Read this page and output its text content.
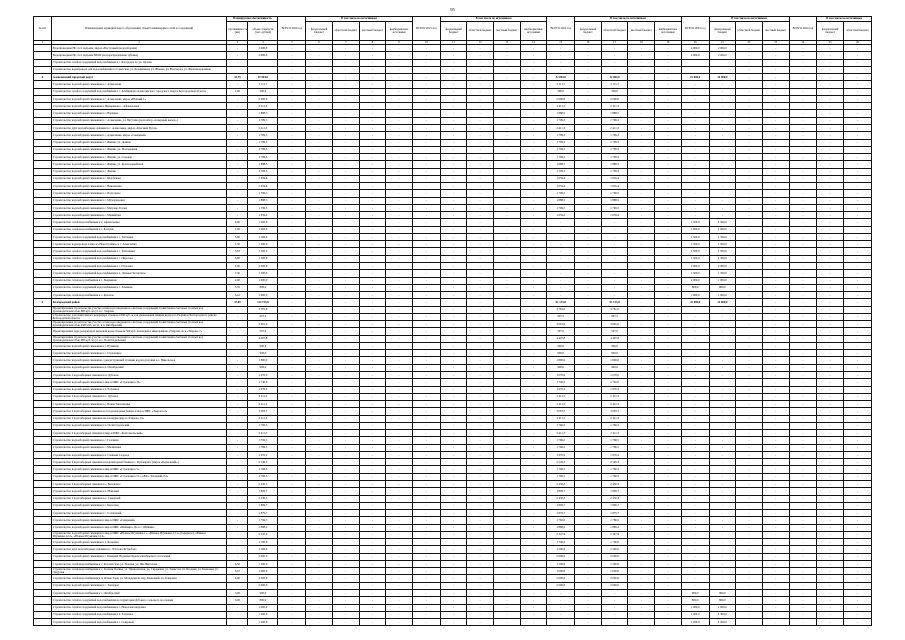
95
№ п/п	Наименование муниципального образования, объекта инженерных сетей и сооружений	Планируемая обеспеченность		ВСЕГО 2020 год	В том числе по источникам				ВСЕГО 2021 год	В том числе по источникам				ВСЕГО 2022 год	В том числе по источникам				ВСЕГО 2023 год	В том числе по источникам			ВСЕГО 2024 год	В том числе по источникам	
		протяжённость (км)	объем стоимости (тыс. рублей)		федеральный бюджет	областной бюджет	местный бюджет	внебюджетные источники		федеральный бюджет	областной бюджет	местный бюджет	внебюджетные источники		федеральный бюджет	областной бюджет	местный бюджет	внебюджетные источники		федеральный бюджет	областной бюджет	местный бюджет		федеральный бюджет	областной бюджет
1	2	3	4	5	6	7	8	9	10	11	12	13	14	15	16	17	18	19	20	21	22	23	24	25	26
	Водопроводная НС 2-го подъема, мкр-н «Восточный (водозаборная)	-	2 000,0	-	-	-	-	-	-	-	-	-	-	-	-	-	-	-	2 000,0	2 000,0	-	-	-	-	-
	Водопроводная НС 2-го подъема ВЗМГ (водораспределение зубовка)	-	2 000,0	-	-	-	-	-	-	-	-	-	-	-	-	-	-	-	2 000,0	2 000,0	-	-	-	-	-
	Строительство сетей и сооружений водоснабжения в с. Богородск по ул. Орлова	-		-	-	-	-	-	-	-	-	-	-	-	-	-	-	-			-	-	-	-	-
	Строительство водопровода для водоснабжения по Советская, ул. Безымянная, ул. Жукова, ул. Волгоград, ул. Железнодорожная			-	-	-	-	-	-	-	-	-	-	-	-	-	-	-			-	-	-	-	-
8	Алексеевский городской округ	42,79	47 004,6	-	-	-	-	-	-	-	-	-	-	32 004,6	-	32 004,6	-	-	15 000,0	15 000,0	-	-	-	-	-
	Строительство водозаборной скважины в с. Алексеевка	-	2 111,7	-	-	-	-	-	-	-	-	-	-	2 111,7	-	2 111,7	-	-	-	-	-	-	-	-	-
	Строительство сетей и сооружений водоснабжения в с. Алейниково Алексеевского городского округа Белгородской области	1,00	500,0	-	-	-	-	-	-	-	-	-	-	500,0	-	500,0	-	-	-	-	-	-	-	-	-
	Строительство водозаборной скважины в с. Алексеевка, мкр-н «Южный-1»	-	2 000,0	-	-	-	-	-	-	-	-	-	-	2 000,0	-	2 000,0	-	-	-	-	-	-	-	-	-
	Строительство водозаборной скважины в Иващенково с. Афанасьевка	-	2 411,3	-	-	-	-	-	-	-	-	-	-	2 411,3	-	2 411,3	-	-	-	-	-	-	-	-	-
	Строительство водозаборной скважины в с. Варвары	-	1 888,5	-	-	-	-	-	-	-	-	-	-	1 888,5	-	1 888,5	-	-	-	-	-	-	-	-	-
	Строительство водозаборной скважины в с. Алексеевка, ул. Ватутина (водозабор «Северный выход»)	-	1 709,3	-	-	-	-	-	-	-	-	-	-	1 709,3	-	1 709,3	-	-	-	-	-	-	-	-	-
	Строительство двух водозаборных скважин в с. Алексеевка, мкр-н «Красный Хутор»	-	2 411,3	-	-	-	-	-	-	-	-	-	-	2 411,3	-	2 411,3	-	-	-	-	-	-	-	-	-
	Строительство водозаборной скважины в с. Алексеевка, мкр-н «Северный»	-	1 709,3	-	-	-	-	-	-	-	-	-	-	1 709,3	-	1 709,3	-	-	-	-	-	-	-	-	-
	Строительство водозаборной скважины в с. Жилин, ул. Ленина	-	1 799,5	-	-	-	-	-	-	-	-	-	-	1 799,5	-	1 799,5	-	-	-	-	-	-	-	-	-
	Строительство водозаборной скважины в с. Жилин, ул. Молодежная	-	1 799,5	-	-	-	-	-	-	-	-	-	-	1 799,5	-	1 799,5	-	-	-	-	-	-	-	-	-
	Строительство водозаборной скважины в с. Жилин, ул. Садовая	-	1 799,5	-	-	-	-	-	-	-	-	-	-	1 799,5	-	1 799,5	-	-	-	-	-	-	-	-	-
	Строительство водозаборной скважины в с. Жилин, ул. Красноармейская	-	1 888,5	-	-	-	-	-	-	-	-	-	-	1 888,5	-	1 888,5	-	-	-	-	-	-	-	-	-
	Строительство водозаборной скважины в с. Жилин	-	1 709,3	-	-	-	-	-	-	-	-	-	-	1 709,3	-	1 709,3	-	-	-	-	-	-	-	-	-
	Строительство водозаборной скважины в с. Щербаково	-	1 659,4	-	-	-	-	-	-	-	-	-	-	1 659,4	-	1 659,4	-	-	-	-	-	-	-	-	-
	Строительство водозаборной скважины в с. Николаевка	-	1 659,4	-	-	-	-	-	-	-	-	-	-	1 659,4	-	1 659,4	-	-	-	-	-	-	-	-	-
	Строительство водозаборной скважины в с. Подгорное	-	1 799,5	-	-	-	-	-	-	-	-	-	-	1 799,5	-	1 799,5	-	-	-	-	-	-	-	-	-
	Строительство водозаборной скважины в с. Мухоудеровка	-	1 888,5	-	-	-	-	-	-	-	-	-	-	1 888,5	-	1 888,5	-	-	-	-	-	-	-	-	-
	Строительство водозаборной скважины в с. Матрено-Гезово	-	1 799,5	-	-	-	-	-	-	-	-	-	-	1 799,5	-	1 799,5	-	-	-	-	-	-	-	-	-
	Строительство водозаборной скважины в с. Меняйлово	-	1 659,4	-	-	-	-	-	-	-	-	-	-	1 659,4	-	1 659,4	-	-	-	-	-	-	-	-	-
	Строительство сетей водоснабжения в х. Афанасьевка	6,00	1 500,0	-	-	-	-	-	-	-	-	-	-	-	-	-	-	-	1 500,0	1 500,0	-	-	-	-	-
	Строительство сетей водоснабжения в с. Батлуки	1,00	1 000,0	-	-	-	-	-	-	-	-	-	-	-	-	-	-	-	1 000,0	1 000,0	-	-	-	-	-
	Строительство сетей и сооружений водоснабжения в с. Теплинка	5,00	1 500,0	-	-	-	-	-	-	-	-	-	-	-	-	-	-	-	1 500,0	1 500,0	-	-	-	-	-
	Строительство водопровода в мкр-н «Новостройка» в с. Алексеевка	1,30	1 500,0	-	-	-	-	-	-	-	-	-	-	-	-	-	-	-	1 500,0	1 500,0	-	-	-	-	-
	Строительство сетей и сооружений водоснабжения в с. Тютюники	3,63	1 500,0	-	-	-	-	-	-	-	-	-	-	-	-	-	-	-	1 500,0	1 500,0	-	-	-	-	-
	Строительство сетей и сооружений водоснабжения в с. Пирогово	3,00	1 500,0	-	-	-	-	-	-	-	-	-	-	-	-	-	-	-	1 500,0	1 500,0	-	-	-	-	-
	Строительство сетей и сооружений водоснабжения в с. Глуховка	2,00	2 000,0	-	-	-	-	-	-	-	-	-	-	-	-	-	-	-	2 000,0	2 000,0	-	-	-	-	-
	Строительство сетей и сооружений водоснабжения в х. Дальнее Чесночное	7,30	1 500,0	-	-	-	-	-	-	-	-	-	-	-	-	-	-	-	1 500,0	1 500,0	-	-	-	-	-
	Строительство сетей водоснабжения в с. Зварыкино	2,00	1 000,0	-	-	-	-	-	-	-	-	-	-	-	-	-	-	-	1 000,0	1 000,0	-	-	-	-	-
	Строительство сетей и сооружений водоснабжения в с. Хлевище	5,35	800,0	-	-	-	-	-	-	-	-	-	-	-	-	-	-	-	800,0	800,0	-	-	-	-	-
	Строительство сетей водоснабжения в с. Красное	3,41	1 000,0	-	-	-	-	-	-	-	-	-	-	-	-	-	-	-	1 000,0	1 000,0	-	-	-	-	-
9	Белгородский район	37,09	114 733,8	-	-	-	-	-	-	-	-	-	-	91 133,8	-	91 133,8	-	-	22 000,0	22 000,0	-	-	-	-	-
	Проектирование строительства участка сетей водоотведения и очистных сооружений хозяйственно-бытовых сточных вод производительностью 800 куб. м/сут. в с. Таврово	-	3 781,0	-	-	-	-	-	-	-	-	-	-	3 781,0	-	3 781,0	-	-	-	-	-	-	-	-	-
	Строительство дополнительного резервуара объемом 1000 куб. м для уменьшения зимних ведер в п. Разумное Белгородского района Белгородской области	-	697,5	-	-	-	-	-	-	-	-	-	-	697,5	-	697,5	-	-	-	-	-	-	-	-	-
	Проектирование строительства участка сетей водоотведения и очистных сооружений хозяйственно-бытовых сточных вод производительностью 2500 куб. м/сут. в п. Октябрьский	-	3 661,6	-	-	-	-	-	-	-	-	-	-	3 661,6	-	3 661,6	-	-	-	-	-	-	-	-	-
	Проектирование двух резервуаров питьевой воды объемом 500 куб. м каждый в микрорайоне «Таврово-4» в «Таврово-7»	-	597,0	-	-	-	-	-	-	-	-	-	-	597,0	-	597,0	-	-	-	-	-	-	-	-	-
	Проектирование строительства участка сетей водоотведения и очистных сооружений хозяйственно-бытовых сточных вод производительностью 600 куб. м/сут. в с. Политотдельский	-	4 407,8	-	-	-	-	-	-	-	-	-	-	4 407,8	-	4 407,8	-	-	-	-	-	-	-	-	-
	Строительство водозаборной скважины в с. Пушкино	-	900,0	-	-	-	-	-	-	-	-	-	-	900,0	-	900,0	-	-	-	-	-	-	-	-	-
	Строительство водозаборной скважины в с. Стрелецкое	-	900,0	-	-	-	-	-	-	-	-	-	-	900,0	-	900,0	-	-	-	-	-	-	-	-	-
	Строительство водозаборной скважины с реконструкцией станции водоподготовки в с. Никольское	-	1 800,0	-	-	-	-	-	-	-	-	-	-	1 800,0	-	1 800,0	-	-	-	-	-	-	-	-	-
	Строительство водозаборной скважины в п. Октябрьский	-	900,0	-	-	-	-	-	-	-	-	-	-	900,0	-	900,0	-	-	-	-	-	-	-	-	-
	Строительство 2 водозаборных скважин в п. Дубовое	-	1 070,0	-	-	-	-	-	-	-	-	-	-	1 070,0	-	1 070,0	-	-	-	-	-	-	-	-	-
	Строительство водозаборной скважины в мкр-н ИЖС «Стрелецкое-33»	-	1 740,0	-	-	-	-	-	-	-	-	-	-	1 740,0	-	1 740,0	-	-	-	-	-	-	-	-	-
	Строительство водозаборной скважины в п. Разумное	-	1 970,2	-	-	-	-	-	-	-	-	-	-	1 970,2	-	1 970,2	-	-	-	-	-	-	-	-	-
	Строительство 2 водозаборных скважин в с. Дубовое	-	2 411,3	-	-	-	-	-	-	-	-	-	-	2 411,3	-	2 411,3	-	-	-	-	-	-	-	-	-
	Строительство водозаборной скважины в с. Новая Таволжанка	-	2 411,3	-	-	-	-	-	-	-	-	-	-	2 411,3	-	2 411,3	-	-	-	-	-	-	-	-	-
	Строительство 2 водозаборных скважин и 2 водонапорных башен в мкр-н ИЖС «Таврово-2»	-	3 063,7	-	-	-	-	-	-	-	-	-	-	3 063,7	-	3 063,7	-	-	-	-	-	-	-	-	-
	Строительство 2 водозаборных скважин на площадке мкр-н «Таврово-10»	-	2 411,3	-	-	-	-	-	-	-	-	-	-	2 411,3	-	2 411,3	-	-	-	-	-	-	-	-	-
	Строительство водозаборной скважины в п. Политотдельский	-	1 766,5	-	-	-	-	-	-	-	-	-	-	1 766,5	-	1 766,5	-	-	-	-	-	-	-	-	-
	Строительство 2 водозаборных скважин в мкр-н ИЖС «Комсомольский»	-	2 411,3	-	-	-	-	-	-	-	-	-	-	2 411,3	-	2 411,3	-	-	-	-	-	-	-	-	-
	Строительство водозаборной скважины в с. Головино	-	1 766,5	-	-	-	-	-	-	-	-	-	-	1 766,5	-	1 766,5	-	-	-	-	-	-	-	-	-
	Строительство водозаборной скважины в с. Малиновка	-	1 766,5	-	-	-	-	-	-	-	-	-	-	1 766,5	-	1 766,5	-	-	-	-	-	-	-	-	-
	Строительство водозаборной скважины в п. Главный Садовод	-	1 970,2	-	-	-	-	-	-	-	-	-	-	1 970,2	-	1 970,2	-	-	-	-	-	-	-	-	-
	Строительство 2 водозаборных скважин и водонапорной башни в с. Пушкарное (мкр-н «Церковный»)	-	2 549,3	-	-	-	-	-	-	-	-	-	-	2 549,3	-	2 549,3	-	-	-	-	-	-	-	-	-
	Строительство водозаборной скважины в мкр-н ИЖС «Стрелецкое-5»	-	1 766,5	-	-	-	-	-	-	-	-	-	-	1 766,5	-	1 766,5	-	-	-	-	-	-	-	-	-
	Строительство водозаборной скважины в мкр-н ИЖС «Стрелецкое-51», «Юго-Западный-2.2»	-	1 766,5	-	-	-	-	-	-	-	-	-	-	1 766,5	-	1 766,5	-	-	-	-	-	-	-	-	-
	Строительство 2 водозаборных скважин в с. Беловское	-	2 430,3	-	-	-	-	-	-	-	-	-	-	2 430,3	-	2 430,3	-	-	-	-	-	-	-	-	-
	Строительство водозаборной скважины в п. Майский	-	1 809,7	-	-	-	-	-	-	-	-	-	-	1 809,7	-	1 809,7	-	-	-	-	-	-	-	-	-
	Строительство 2 водозаборных скважин в с. Северный	-	2 430,3	-	-	-	-	-	-	-	-	-	-	2 430,3	-	2 430,3	-	-	-	-	-	-	-	-	-
	Строительство водозаборной скважины в с. Киселево	-	1 809,7	-	-	-	-	-	-	-	-	-	-	1 809,7	-	1 809,7	-	-	-	-	-	-	-	-	-
	Строительство водозаборной скважины в с. Солнечный	-	1 879,7	-	-	-	-	-	-	-	-	-	-	1 879,7	-	1 879,7	-	-	-	-	-	-	-	-	-
	Строительство водозаборной скважины в мкр-н ИЖС «Северный»	-	1 766,5	-	-	-	-	-	-	-	-	-	-	1 766,5	-	1 766,5	-	-	-	-	-	-	-	-	-
	Строительство водозаборной скважины в мкр-н ИЖС «Шишино-10» в с. Шишино	-	1 888,2	-	-	-	-	-	-	-	-	-	-	1 888,2	-	1 888,2	-	-	-	-	-	-	-	-	-
	Строительство водозаборной скважины в мкр-н ИЖС «Южное Игуменка-1», «Южное Игуменка-12.1» (Северное), «Южное Игуменка-12.2», «Южное Игуменка-12.2»	-	2 347,9	-	-	-	-	-	-	-	-	-	-	2 347,9	-	2 347,9	-	-	-	-	-	-	-	-	-
	Строительство водозаборной скважины в х. Бочковка	-	1 700,0	-	-	-	-	-	-	-	-	-	-	1 700,0	-	1 700,0	-	-	-	-	-	-	-	-	-
	Строительство двух водозаборных скважин в с. Хохлово-Ястребово	-	1 500,0	-	-	-	-	-	-	-	-	-	-	1 500,0	-	1 500,0	-	-	-	-	-	-	-	-	-
	Строительство водозаборной скважины в с. Ближняя Игуменка Краснооктябрьского поселения	-	2 000,0	-	-	-	-	-	-	-	-	-	-	2 000,0	-	2 000,0	-	-	-	-	-	-	-	-	-
	Строительство сетей водоснабжения в с. Косоветская, ул. Зеленая, ул. Им. Жигалова	4,50	1 500,0	-	-	-	-	-	-	-	-	-	-	1 500,0	-	1 500,0	-	-	-	-	-	-	-	-	-
	Строительство сетей водоснабжения в с. Зеленая Поляна, ул. Приволжская, ул. Сиреневая, ул. Тенистая, ул. Ягодная, ул. Кленовая, ул. Лазурная	3,10	1 000,0	-	-	-	-	-	-	-	-	-	-	1 000,0	-	1 000,0	-	-	-	-	-	-	-	-	-
	Строительство сетей водоснабжения в п. Ясные Зори, ул. Молодежная, пер. Кленовый, ул. Кленовая	4,40	2 000,0	-	-	-	-	-	-	-	-	-	-	2 000,0	-	2 000,0	-	-	-	-	-	-	-	-	-
	Строительство водозаборной скважины в с. Топорков	-	2 000,0	-	-	-	-	-	-	-	-	-	-	2 000,0	-	2 000,0	-	-	-	-	-	-	-	-	-
	Строительство сетей водоснабжения в с. Октябрьский	3,00	900,0	-	-	-	-	-	-	-	-	-	-	-	-	-	-	-	900,0	900,0	-	-	-	-	-
	Строительство сетей и сооружений водоснабжения на территории Дубового сельского поселения	3,00	800,0	-	-	-	-	-	-	-	-	-	-	-	-	-	-	-	800,0	800,0	-	-	-	-	-
	Строительство сетей и сооружений водоснабжения в с. Новоалександровка	-	1 000,0	-	-	-	-	-	-	-	-	-	-	-	-	-	-	-	1 000,0	1 000,0	-	-	-	-	-
	Строительство сетей и сооружений водоснабжения в х. Разумное	-	1 400,0	-	-	-	-	-	-	-	-	-	-	-	-	-	-	-	1 400,0	1 400,0	-	-	-	-	-
	Строительство сетей и сооружений водоснабжения в с. Северный	-	1 200,0	-	-	-	-	-	-	-	-	-	-	-	-	-	-	-	1 200,0	1 200,0	-	-	-	-	-
